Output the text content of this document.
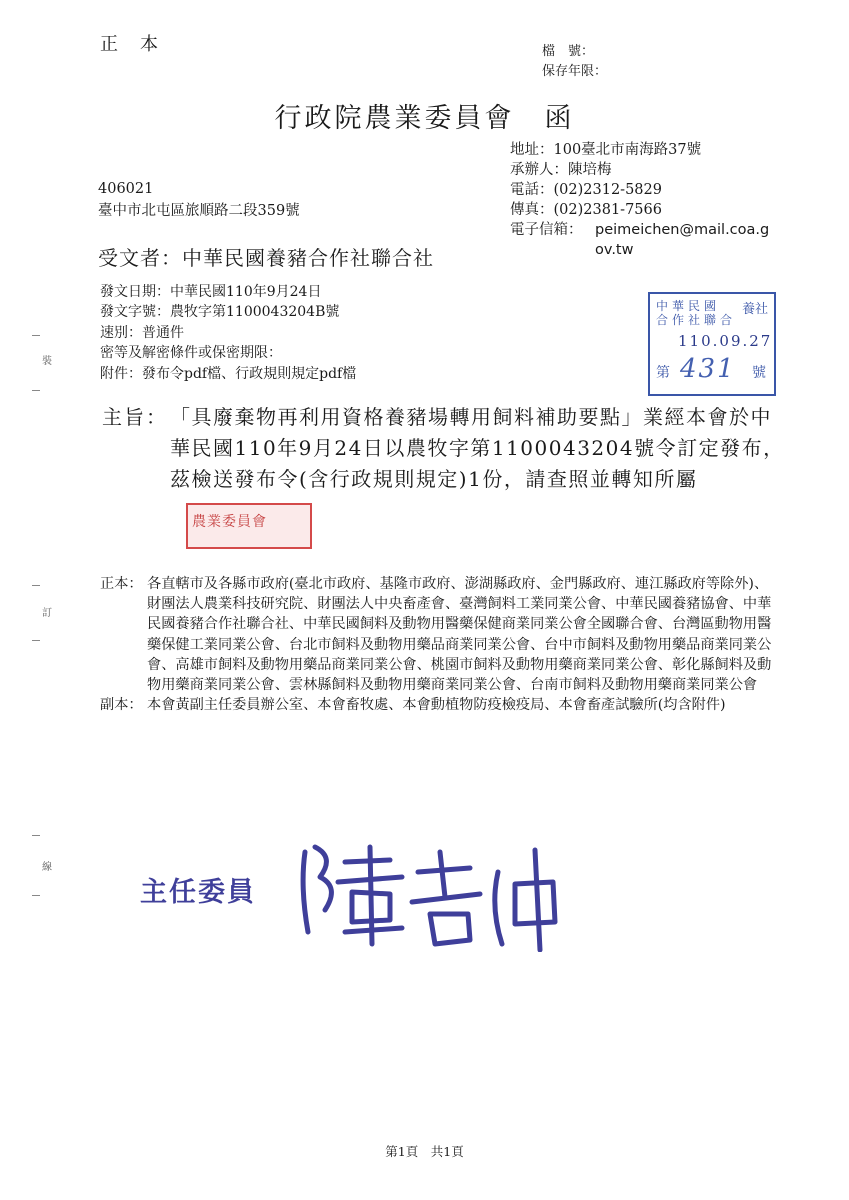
裝
訂
線
正本	檔　號：
保存年限：
行政院農業委員會　函
地址：100臺北市南海路37號
承辦人：陳培梅
電話：(02)2312-5829
傳真：(02)2381-7566
電子信箱： peimeichen@mail.coa.g
ov.tw
406021
臺中市北屯區旅順路二段359號
受文者：中華民國養豬合作社聯合社
發文日期：中華民國110年9月24日
發文字號：農牧字第1100043204B號
速別：普通件
密等及解密條件或保密期限：
附件：發布令pdf檔、行政規則規定pdf檔
中華民國
合作社聯合
養社
110.09.27
第 431 號
主旨： 「具廢棄物再利用資格養豬場轉用飼料補助要點」業經本會於中華民國110年9月24日以農牧字第1100043204號令訂定發布，茲檢送發布令(含行政規則規定)1份，請查照並轉知所屬
農業委員會
正本： 各直轄市及各縣市政府(臺北市政府、基隆市政府、澎湖縣政府、金門縣政府、連江縣政府等除外)、財團法人農業科技研究院、財團法人中央畜產會、臺灣飼料工業同業公會、中華民國養豬協會、中華民國養豬合作社聯合社、中華民國飼料及動物用醫藥保健商業同業公會全國聯合會、台灣區動物用醫藥保健工業同業公會、台北市飼料及動物用藥品商業同業公會、台中市飼料及動物用藥品商業同業公會、高雄市飼料及動物用藥品商業同業公會、桃園市飼料及動物用藥商業同業公會、彰化縣飼料及動物用藥商業同業公會、雲林縣飼料及動物用藥商業同業公會、台南市飼料及動物用藥商業同業公會
副本： 本會黃副主任委員辦公室、本會畜牧處、本會動植物防疫檢疫局、本會畜產試驗所(均含附件)
主任委員
第1頁　共1頁
